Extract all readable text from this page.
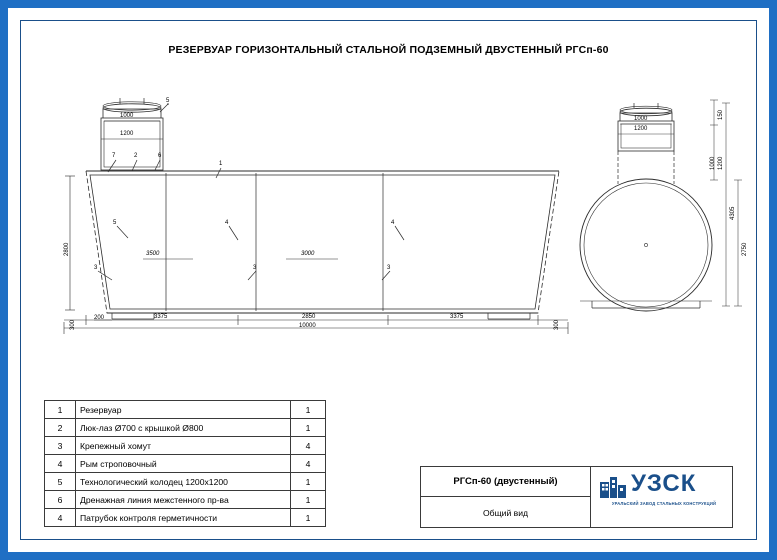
РЕЗЕРВУАР ГОРИЗОНТАЛЬНЫЙ СТАЛЬНОЙ ПОДЗЕМНЫЙ ДВУСТЕННЫЙ РГСп-60
5
7	2	6
1
5	4	4
3	3	3
1000
1200
3500	3000
3375	2850	3375
10000
200
300	300
2800
1000
1200
150
1200
1000
4305
2750
1	Резервуар	1
2	Люк-лаз Ø700 с крышкой Ø800	1
3	Крепежный хомут	4
4	Рым строповочный	4
5	Технологический колодец 1200х1200	1
6	Дренажная линия межстенного пр-ва	1
4	Патрубок контроля герметичности	1
РГСп-60 (двустенный)
Общий вид
УЗСК
УРАЛЬСКИЙ ЗАВОД СТАЛЬНЫХ КОНСТРУКЦИЙ
